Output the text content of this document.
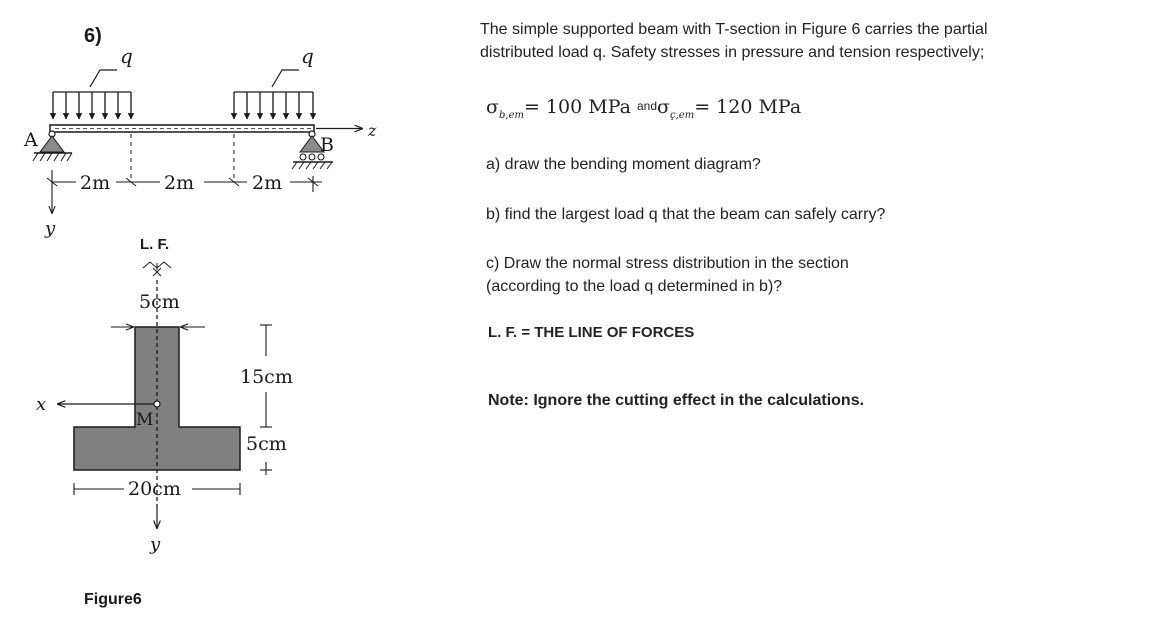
6)
q	q
z
A	B
2m	2m	2m
y
L. F.
5cm
y
x
M
15cm
5cm
20cm
Figure6

The simple supported beam with T-section in Figure 6 carries the partial distributed load q. Safety stresses in pressure and tension respectively;

$\sigma_{b,em}= 100$ MPa andσ$_{ç,em}$= 120 MPa

a) draw the bending moment diagram?

b) find the largest load q that the beam can safely carry?

c) Draw the normal stress distribution in the section (according to the load q determined in b)?

L. F. = THE LINE OF FORCES

Note: Ignore the cutting effect in the calculations.
